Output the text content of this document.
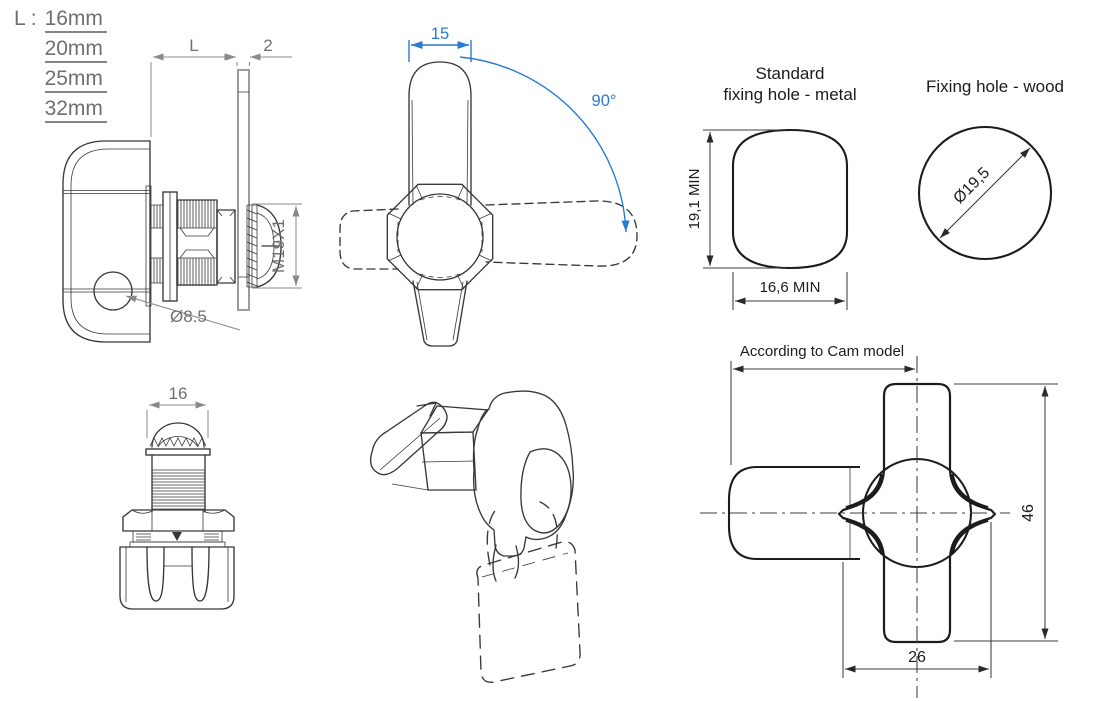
L : 16mm
20mm
25mm
32mm
L	2
M19X1
Ø8.5
15
90°
Standard
fixing hole - metal
19,1 MIN
16,6 MIN
Fixing hole - wood
Ø19,5
16
According to Cam model
46
26
